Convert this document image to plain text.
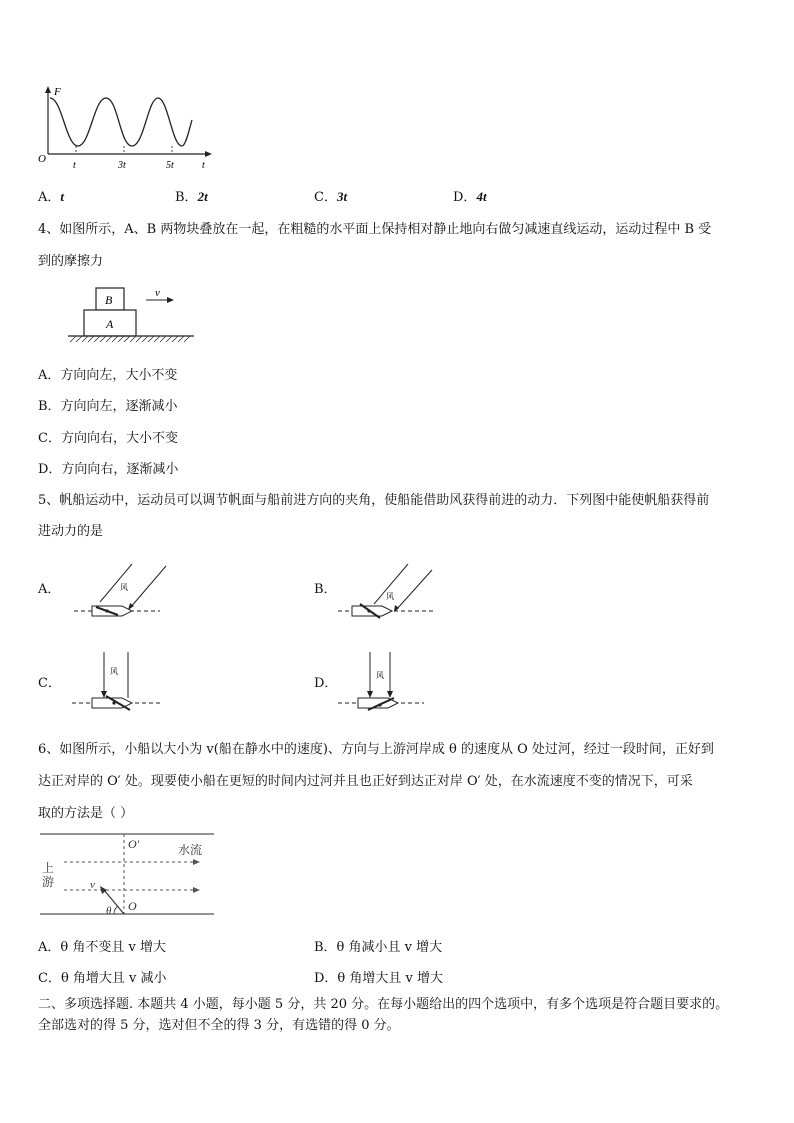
F
O
t	3t	5t	t
A．t	B．2t	C．3t	D．4t
4、如图所示，A、B 两物块叠放在一起，在粗糙的水平面上保持相对静止地向右做匀减速直线运动，运动过程中 B 受
到的摩擦力
B
A
v
A．方向向左，大小不变
B．方向向左，逐渐减小
C．方向向右，大小不变
D．方向向右，逐渐减小
5、帆船运动中，运动员可以调节帆面与船前进方向的夹角，使船能借助风获得前进的动力．下列图中能使帆船获得前
进动力的是
A．	风	B．	风
C．
风
D．
风
6、如图所示，小船以大小为 v(船在静水中的速度)、方向与上游河岸成 θ 的速度从 O 处过河，经过一段时间，正好到
达正对岸的 O′ 处。现要使小船在更短的时间内过河并且也正好到达正对岸 O′ 处，在水流速度不变的情况下，可采
取的方法是（ ）
O′	水流
上
游	v
θ O
A．θ 角不变且 v 增大	B．θ 角减小且 v 增大
C．θ 角增大且 v 减小	D．θ 角增大且 v 增大
二、多项选择题. 本题共 4 小题，每小题 5 分，共 20 分。在每小题给出的四个选项中，有多个选项是符合题目要求的。
全部选对的得 5 分，选对但不全的得 3 分，有选错的得 0 分。
